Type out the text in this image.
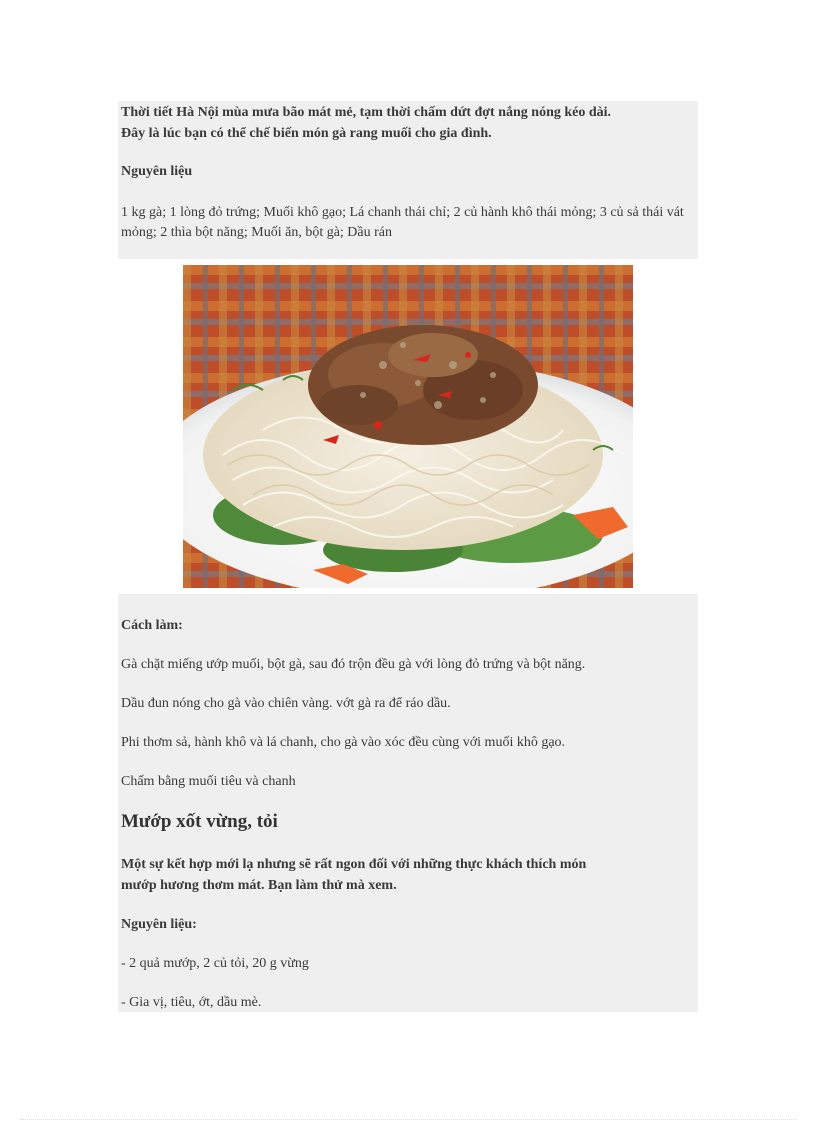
Thời tiết Hà Nội mùa mưa bão mát mẻ, tạm thời chấm dứt đợt nắng nóng kéo dài.

Đây là lúc bạn có thể chế biến món gà rang muối cho gia đình.

Nguyên liệu

1 kg gà; 1 lòng đỏ trứng; Muối khô gạo; Lá chanh thái chỉ; 2 củ hành khô thái mỏng; 3 củ sả thái vát mỏng; 2 thìa bột năng; Muối ăn, bột gà; Dầu rán

Cách làm:

Gà chặt miếng ướp muối, bột gà, sau đó trộn đều gà với lòng đỏ trứng và bột năng.

Dầu đun nóng cho gà vào chiên vàng. vớt gà ra để ráo dầu.

Phi thơm sả, hành khô và lá chanh, cho gà vào xóc đều cùng với muối khô gạo.

Chấm bằng muối tiêu và chanh

Mướp xốt vừng, tỏi

Một sự kết hợp mới lạ nhưng sẽ rất ngon đối với những thực khách thích món

mướp hương thơm mát. Bạn làm thử mà xem.

Nguyên liệu:

- 2 quả mướp, 2 củ tỏi, 20 g vừng

- Gia vị, tiêu, ớt, dầu mè.
